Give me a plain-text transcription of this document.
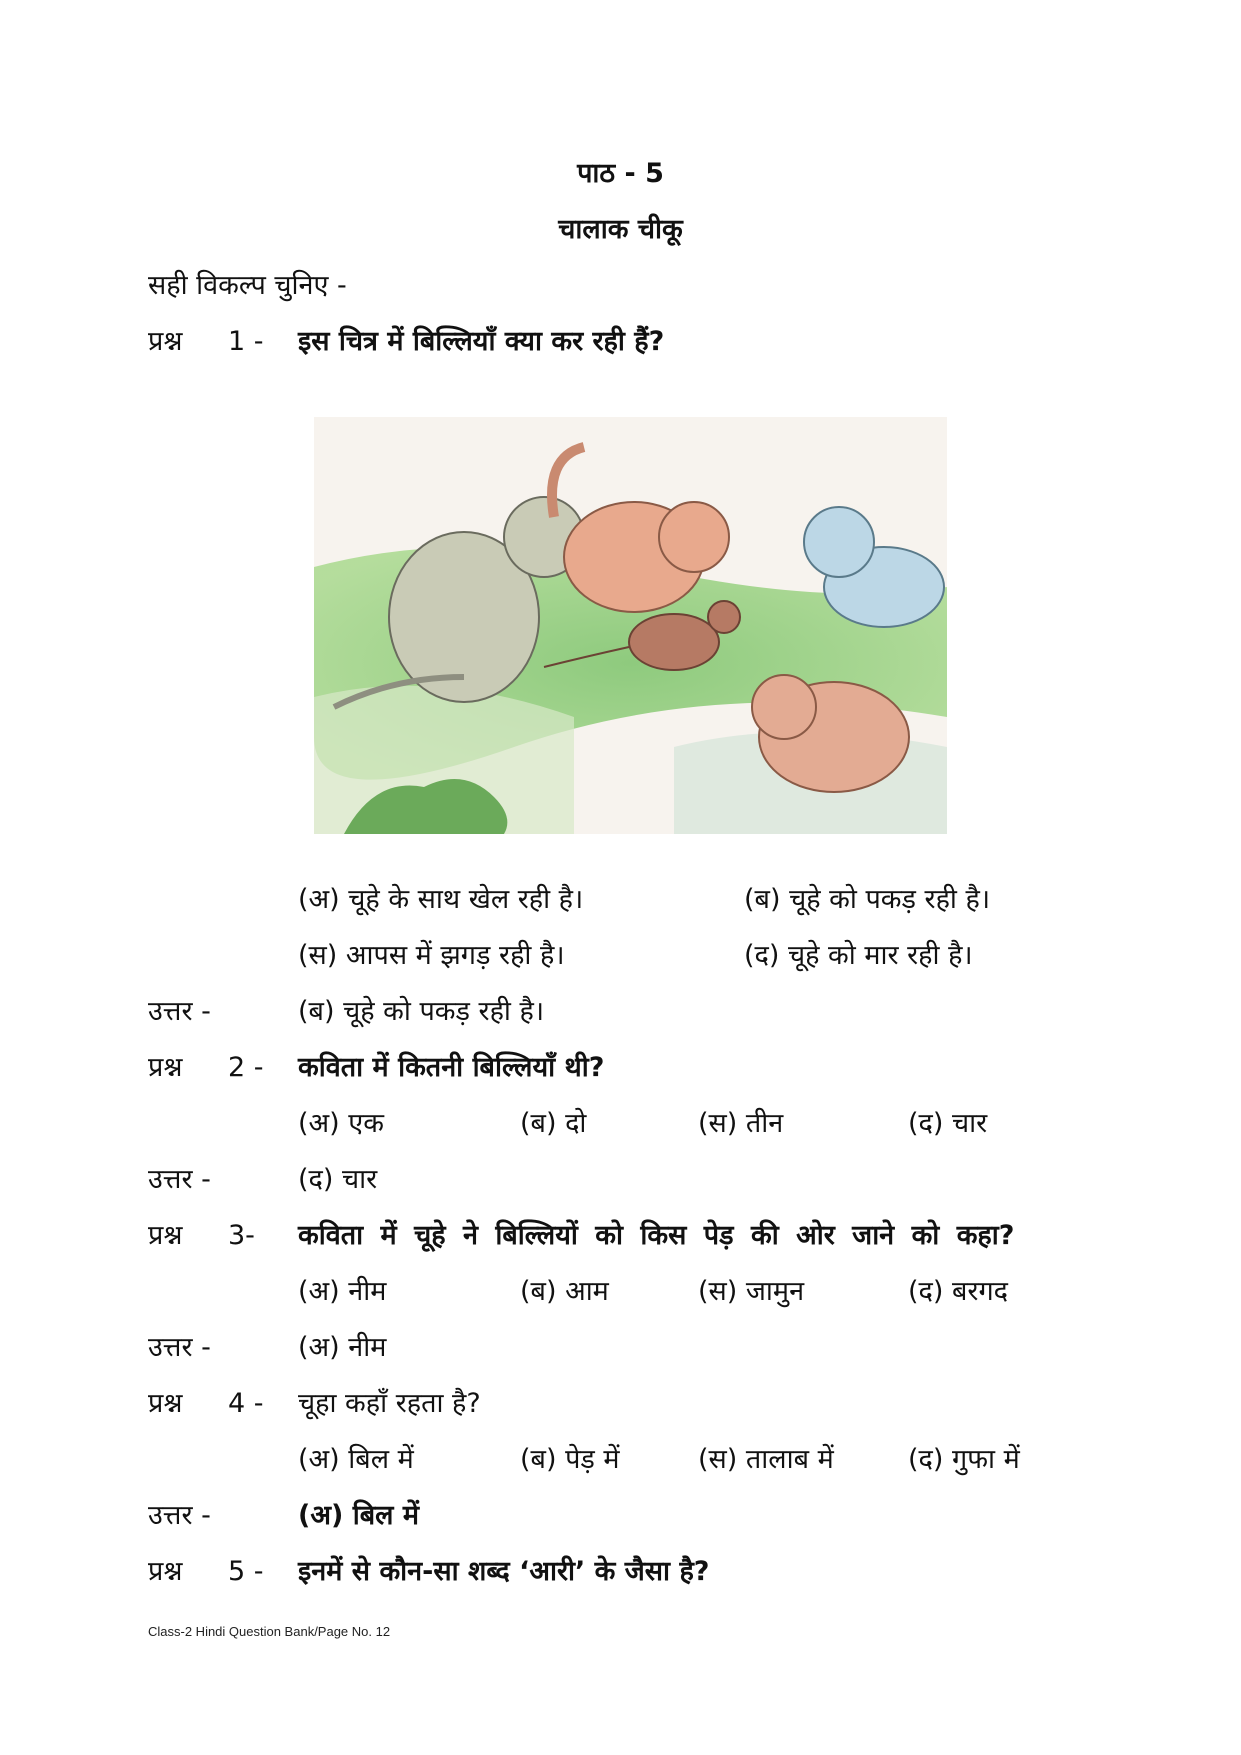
पाठ - 5
चालाक चीकू
सही विकल्प चुनिए -
प्रश्न 1 - इस चित्र में बिल्लियाँ क्या कर रही हैं?
(अ) चूहे के साथ खेल रही है।	(ब) चूहे को पकड़ रही है।
(स) आपस में झगड़ रही है।	(द) चूहे को मार रही है।
उत्तर -	(ब) चूहे को पकड़ रही है।
प्रश्न 2 - कविता में कितनी बिल्लियाँ थी?
(अ) एक	(ब) दो	(स) तीन	(द) चार
उत्तर -	(द) चार
प्रश्न 3- कविता में चूहे ने बिल्लियों को किस पेड़ की ओर जाने को कहा?
(अ) नीम	(ब) आम	(स) जामुन	(द) बरगद
उत्तर -	(अ) नीम
प्रश्न 4 - चूहा कहाँ रहता है?
(अ) बिल में	(ब) पेड़ में	(स) तालाब में	(द) गुफा में
उत्तर -	(अ) बिल में
प्रश्न 5 - इनमें से कौन-सा शब्द ‘आरी’ के जैसा है?
Class-2 Hindi Question Bank/Page No. 12
